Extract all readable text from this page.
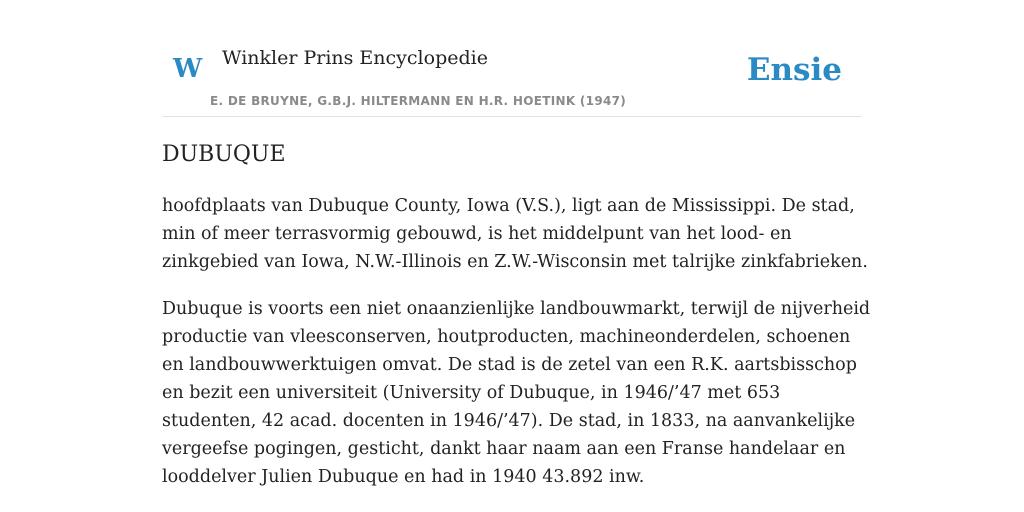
W Winkler Prins Encyclopedie
E. DE BRUYNE, G.B.J. HILTERMANN EN H.R. HOETINK (1947)
Ensie
DUBUQUE

hoofdplaats van Dubuque County, Iowa (V.S.), ligt aan de Mississippi. De stad, min of meer terrasvormig gebouwd, is het middelpunt van het lood- en zinkgebied van Iowa, N.W.-Illinois en Z.W.-Wisconsin met talrijke zinkfabrieken.

Dubuque is voorts een niet onaanzienlijke landbouwmarkt, terwijl de nijverheid productie van vleesconserven, houtproducten, machineonderdelen, schoenen en landbouwwerktuigen omvat. De stad is de zetel van een R.K. aartsbisschop en bezit een universiteit (University of Dubuque, in 1946/’47 met 653 studenten, 42 acad. docenten in 1946/’47). De stad, in 1833, na aanvankelijke vergeefse pogingen, gesticht, dankt haar naam aan een Franse handelaar en looddelver Julien Dubuque en had in 1940 43.892 inw.
